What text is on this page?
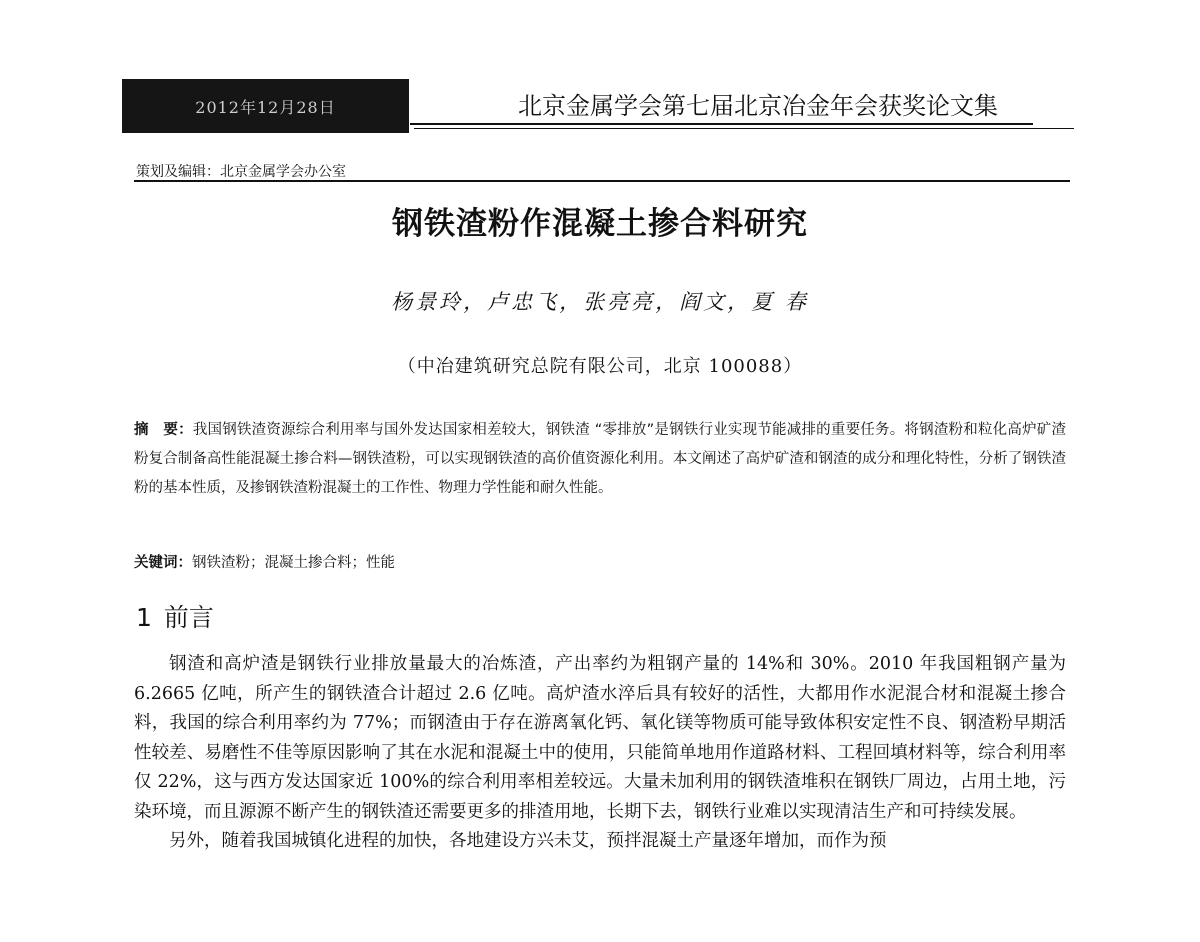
2012年12月28日	北京金属学会第七届北京冶金年会获奖论文集
策划及编辑：北京金属学会办公室
钢铁渣粉作混凝土掺合料研究
杨景玲，卢忠飞，张亮亮，阎文，夏 春
（中冶建筑研究总院有限公司，北京 100088）
摘　要：我国钢铁渣资源综合利用率与国外发达国家相差较大，钢铁渣 “零排放”是钢铁行业实现节能减排的重要任务。将钢渣粉和粒化高炉矿渣粉复合制备高性能混凝土掺合料—钢铁渣粉，可以实现钢铁渣的高价值资源化利用。本文阐述了高炉矿渣和钢渣的成分和理化特性，分析了钢铁渣粉的基本性质，及掺钢铁渣粉混凝土的工作性、物理力学性能和耐久性能。
关键词：钢铁渣粉；混凝土掺合料；性能
1 前言

钢渣和高炉渣是钢铁行业排放量最大的冶炼渣，产出率约为粗钢产量的 14%和 30%。2010 年我国粗钢产量为 6.2665 亿吨，所产生的钢铁渣合计超过 2.6 亿吨。高炉渣水淬后具有较好的活性，大都用作水泥混合材和混凝土掺合料，我国的综合利用率约为 77%；而钢渣由于存在游离氧化钙、氧化镁等物质可能导致体积安定性不良、钢渣粉早期活性较差、易磨性不佳等原因影响了其在水泥和混凝土中的使用，只能简单地用作道路材料、工程回填材料等，综合利用率仅 22%，这与西方发达国家近 100%的综合利用率相差较远。大量未加利用的钢铁渣堆积在钢铁厂周边，占用土地，污染环境，而且源源不断产生的钢铁渣还需要更多的排渣用地，长期下去，钢铁行业难以实现清洁生产和可持续发展。

另外，随着我国城镇化进程的加快，各地建设方兴未艾，预拌混凝土产量逐年增加，而作为预
